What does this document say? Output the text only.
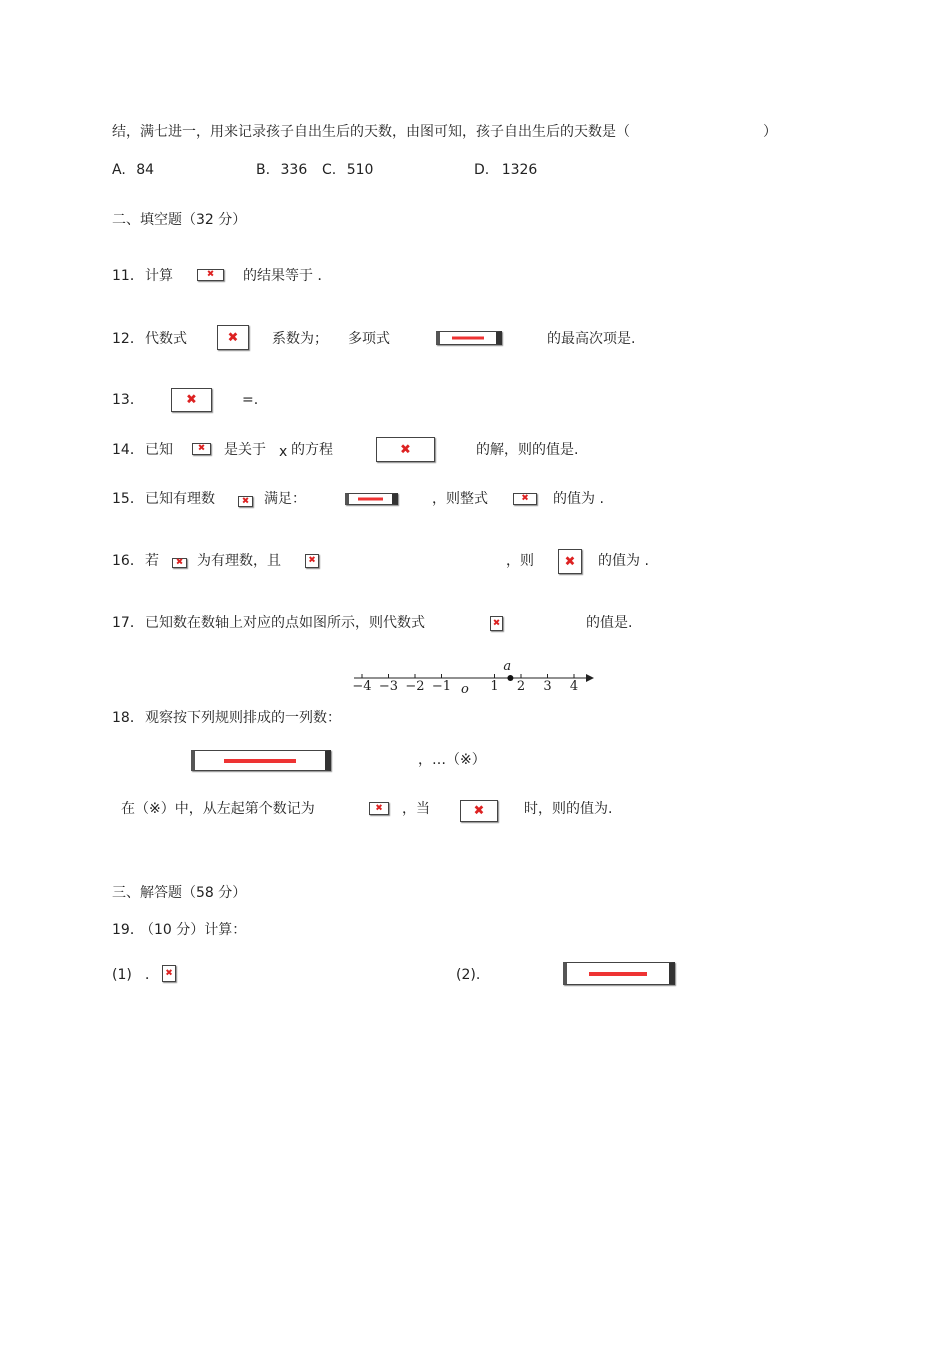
结，满七进一，用来记录孩子自出生后的天数，由图可知，孩子自出生后的天数是（	）
A. 84	B. 336 C. 510	D. 1326
二、填空题（32 分）
11． 计算 ✖	的结果等于 ．
12． 代数式 ✖	系数为； 多项式	的最高次项是.
13． ✖	=.
14． 已知 ✖	是关于 x 的方程 ✖	的解，则的值是.
15． 已知有理数 ✖	满足：	，则整式 ✖	的值为 .
16． 若 ✖	为有理数，且 ✖	，则 ✖	的值为 .
17． 已知数在数轴上对应的点如图所示，则代数式 ✖	的值是.
−4 −3 −2 −1	1 2 3 4
o
a
18． 观察按下列规则排成的一列数：
，…（※）
在（※）中，从左起第个数记为 ✖	，当 ✖	时，则的值为.
三、解答题（58 分）
19．
（10 分）计算：
(1) ． ✖	(2).
